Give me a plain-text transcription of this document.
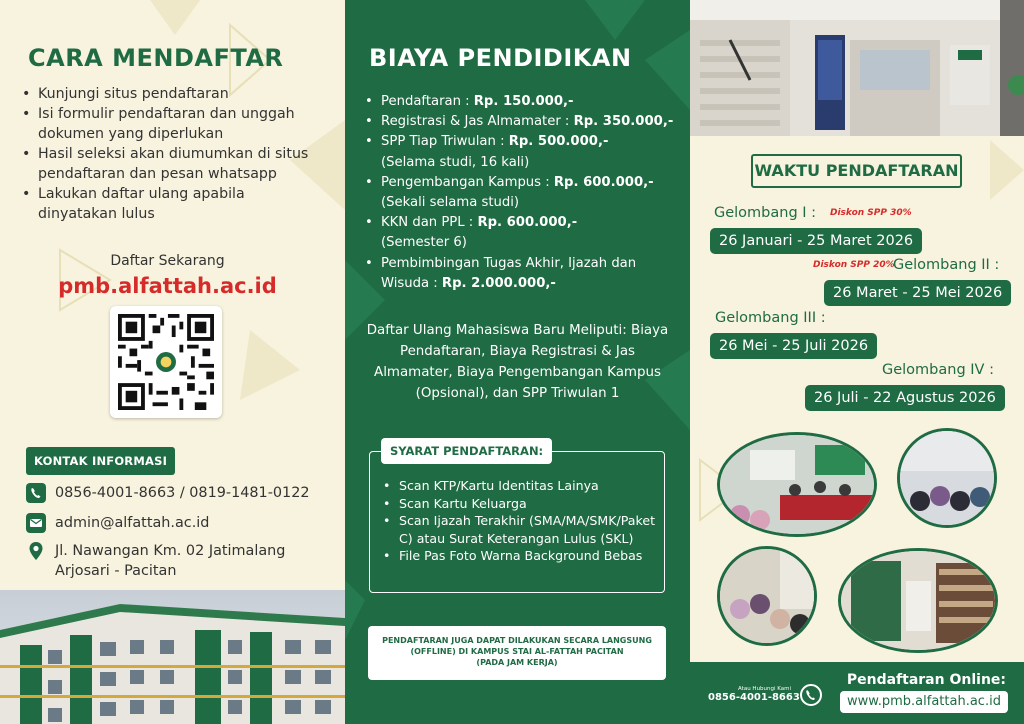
CARA MENDAFTAR
• Kunjungi situs pendaftaran
• Isi formulir pendaftaran dan unggah dokumen yang diperlukan
• Hasil seleksi akan diumumkan di situs pendaftaran dan pesan whatsapp
• Lakukan daftar ulang apabila dinyatakan lulus
Daftar Sekarang
pmb.alfattah.ac.id
KONTAK INFORMASI
0856-4001-8663 / 0819-1481-0122
admin@alfattah.ac.id
Jl. Nawangan Km. 02 Jatimalang Arjosari - Pacitan
BIAYA PENDIDIKAN
• Pendaftaran : Rp. 150.000,-
• Registrasi & Jas Almamater : Rp. 350.000,-
• SPP Tiap Triwulan : Rp. 500.000,-
(Selama studi, 16 kali)
• Pengembangan Kampus : Rp. 600.000,-
(Sekali selama studi)
• KKN dan PPL : Rp. 600.000,-
(Semester 6)
• Pembimbingan Tugas Akhir, Ijazah dan Wisuda : Rp. 2.000.000,-
Daftar Ulang Mahasiswa Baru Meliputi: Biaya Pendaftaran, Biaya Registrasi & Jas Almamater, Biaya Pengembangan Kampus (Opsional), dan SPP Triwulan 1
SYARAT PENDAFTARAN:
• Scan KTP/Kartu Identitas Lainya
• Scan Kartu Keluarga
• Scan Ijazah Terakhir (SMA/MA/SMK/Paket C) atau Surat Keterangan Lulus (SKL)
• File Pas Foto Warna Background Bebas
PENDAFTARAN JUGA DAPAT DILAKUKAN SECARA LANGSUNG
(OFFLINE) DI KAMPUS STAI AL-FATTAH PACITAN
(PADA JAM KERJA)
WAKTU PENDAFTARAN
Gelombang I : Diskon SPP 30%
26 Januari - 25 Maret 2026
Diskon SPP 20%
Gelombang II :
26 Maret - 25 Mei 2026
Gelombang III :
26 Mei - 25 Juli 2026
Gelombang IV :
26 Juli - 22 Agustus 2026
Atau Hubungi Kami
0856-4001-8663
Pendaftaran Online:
www.pmb.alfattah.ac.id
